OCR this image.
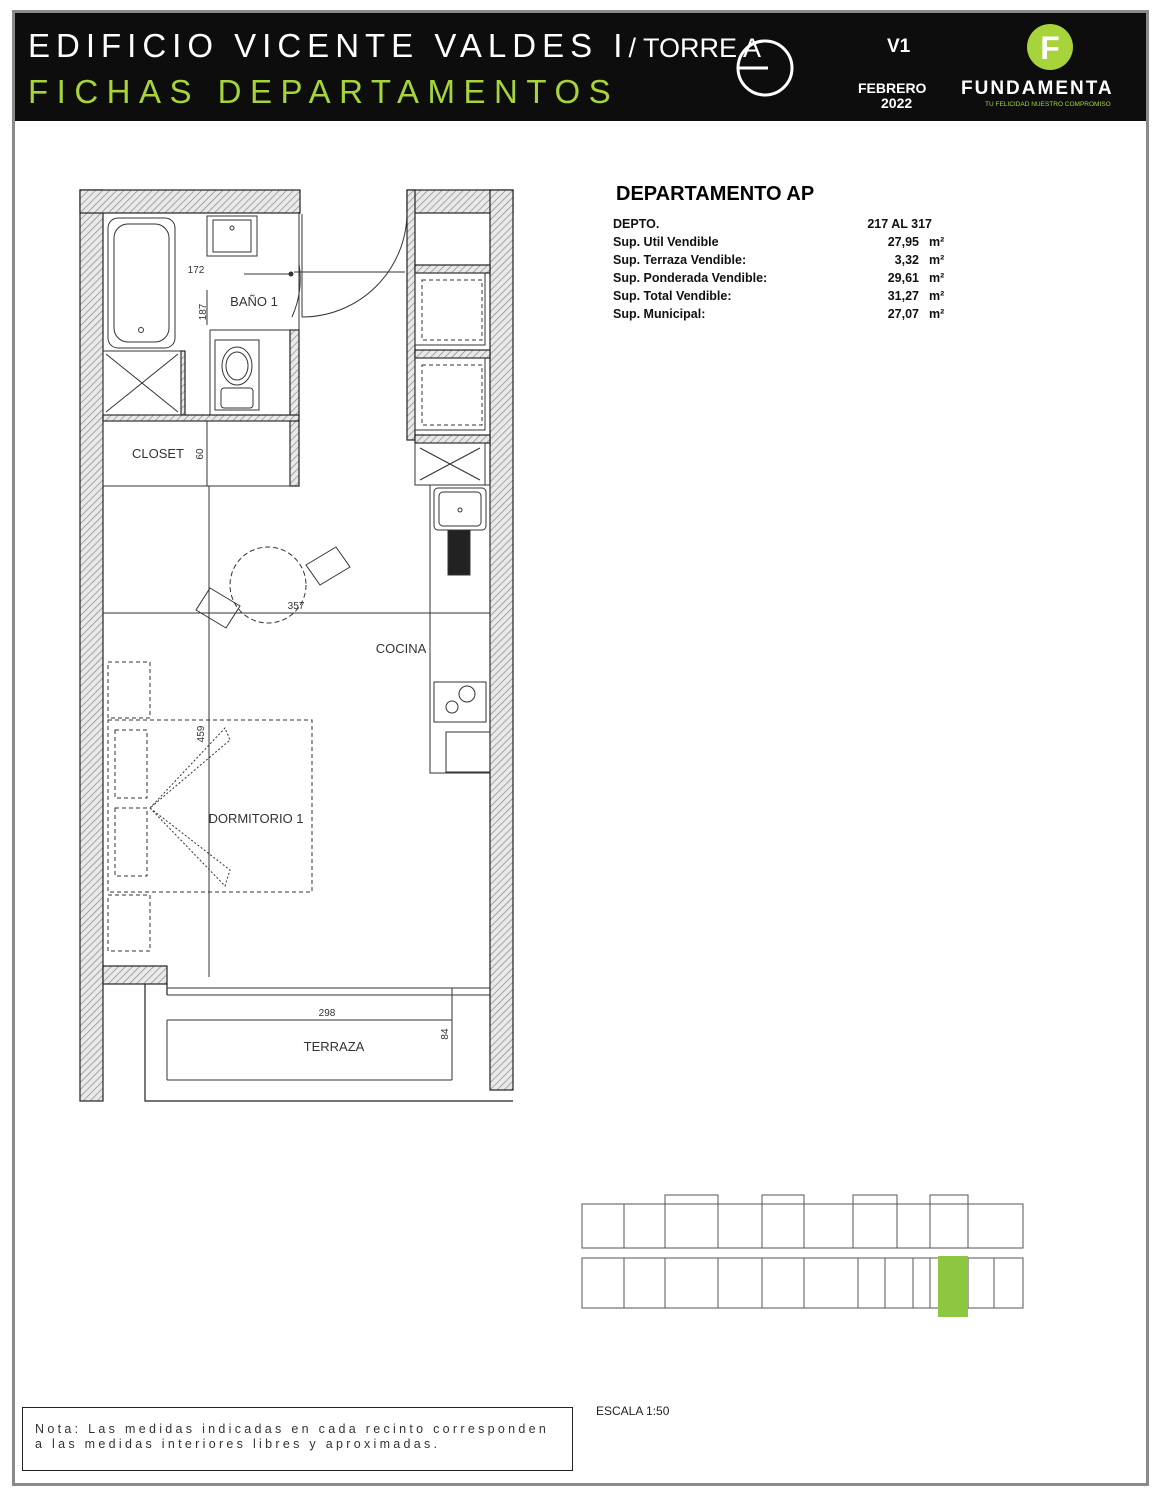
EDIFICIO VICENTE VALDES I/ TORRE A
FICHAS DEPARTAMENTOS
V1
FEBRERO
2022
F
FUNDAMENTA
TU FELICIDAD NUESTRO COMPROMISO
DEPARTAMENTO AP
DEPTO.	217 AL 317
Sup. Util Vendible	27,95 m²
Sup. Terraza Vendible:	3,32 m²
Sup. Ponderada Vendible:	29,61 m²
Sup. Total Vendible:	31,27 m²
Sup. Municipal:	27,07 m²
BAÑO 1
CLOSET
COCINA
DORMITORIO 1
TERRAZA
172
187
60
357
459
298
84
ESCALA 1:50
Nota: Las medidas indicadas en cada recinto corresponden
a las medidas interiores libres y aproximadas.
